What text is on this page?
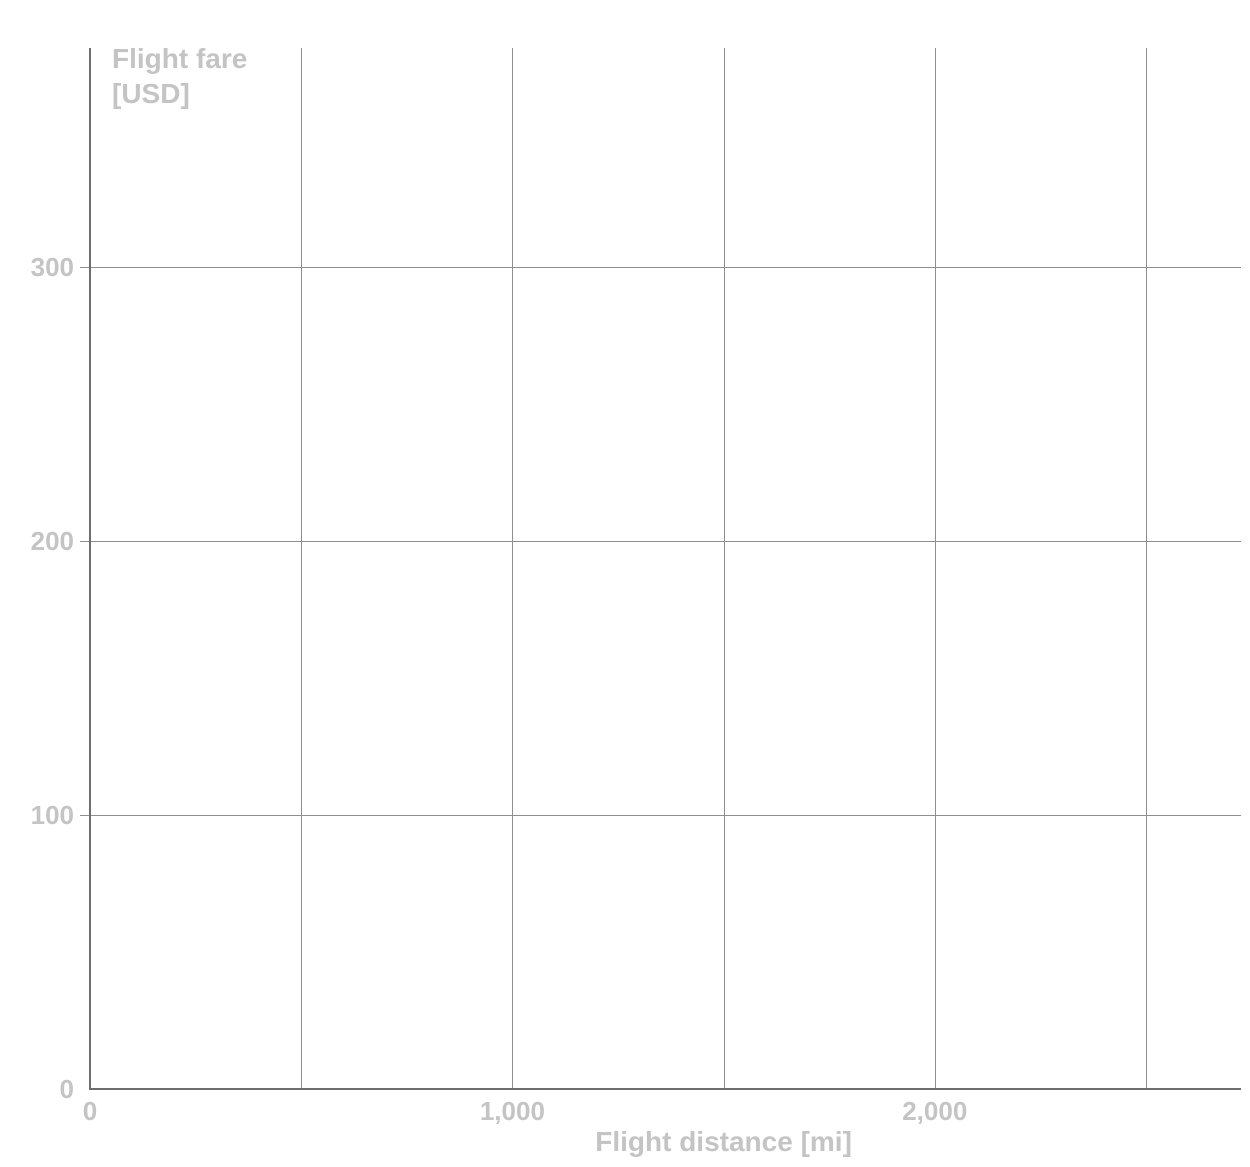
Flight fare
[USD]
Flight distance [mi]
0
100
200
300
0	1,000	2,000
